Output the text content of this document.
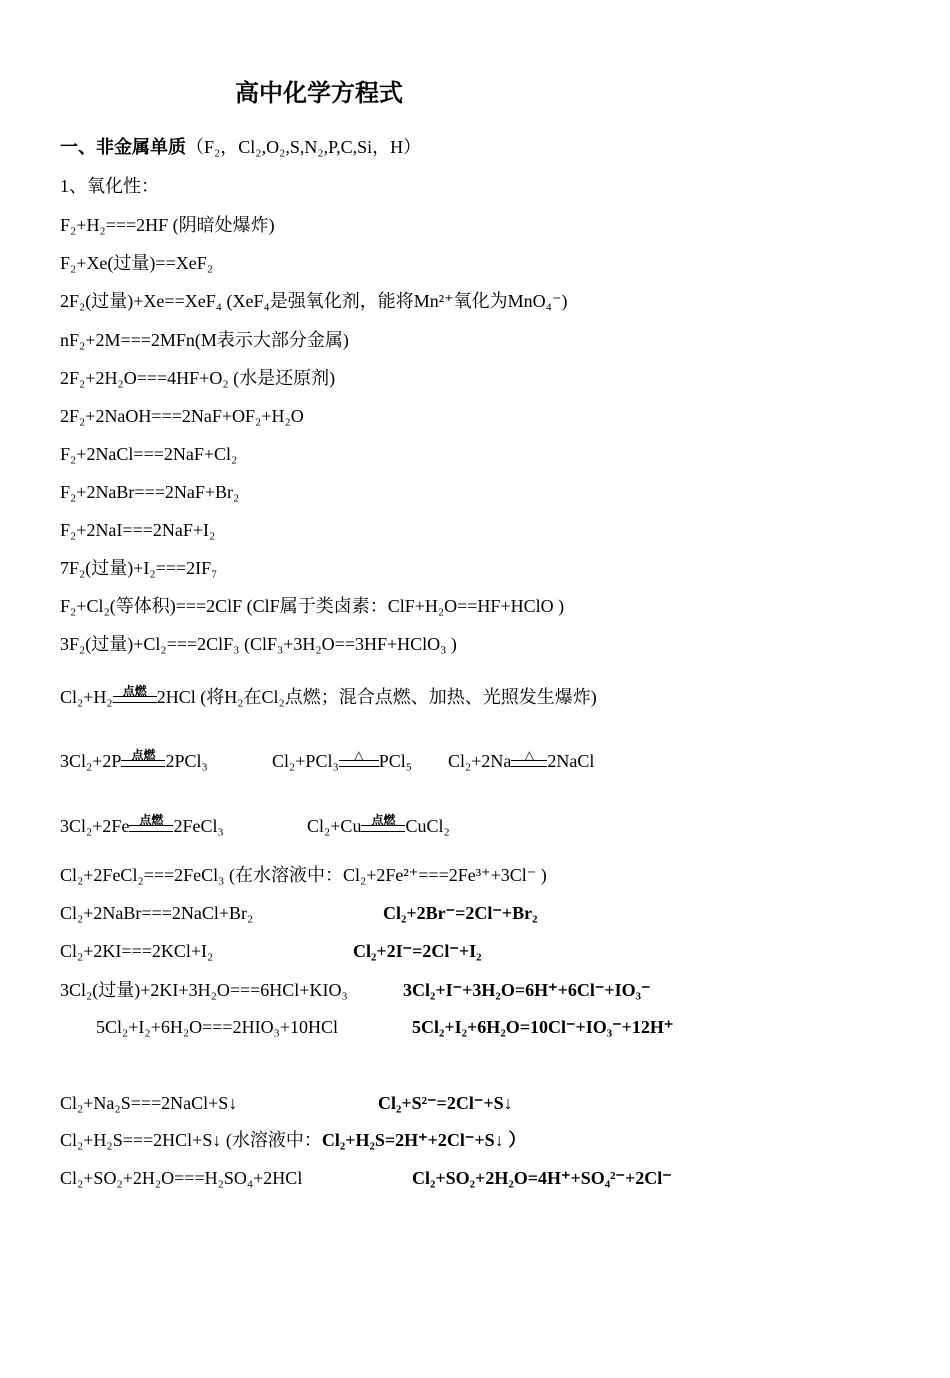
高中化学方程式
一、非金属单质（F₂，Cl₂,O₂,S,N₂,P,C,Si，H）
1、氧化性：
F₂+H₂===2HF (阴暗处爆炸)
F₂+Xe(过量)==XeF₂
2F₂(过量)+Xe==XeF₄ (XeF₄是强氧化剂，能将Mn²⁺氧化为MnO₄⁻)
nF₂+2M===2MFn(M表示大部分金属)
2F₂+2H₂O===4HF+O₂ (水是还原剂)
2F₂+2NaOH===2NaF+OF₂+H₂O
F₂+2NaCl===2NaF+Cl₂
F₂+2NaBr===2NaF+Br₂
F₂+2NaI===2NaF+I₂
7F₂(过量)+I₂===2IF₇
F₂+Cl₂(等体积)===2ClF (ClF属于类卤素：ClF+H₂O==HF+HClO )
3F₂(过量)+Cl₂===2ClF₃ (ClF₃+3H₂O==3HF+HClO₃ )
Cl₂+H₂ 点燃 2HCl (将H₂在Cl₂点燃；混合点燃、加热、光照发生爆炸)
3Cl₂+2P 点燃 2PCl₃	Cl₂+PCl₃	△ PCl₅ Cl₂+2Na	△ 2NaCl
3Cl₂+2Fe 点燃 2FeCl₃	Cl₂+Cu 点燃 CuCl₂
Cl₂+2FeCl₂===2FeCl₃ (在水溶液中：Cl₂+2Fe²⁺===2Fe³⁺+3Cl⁻ )
Cl₂+2NaBr===2NaCl+Br₂	Cl₂+2Br⁻=2Cl⁻+Br₂
Cl₂+2KI===2KCl+I₂	Cl₂+2I⁻=2Cl⁻+I₂
3Cl₂(过量)+2KI+3H₂O===6HCl+KIO₃	3Cl₂+I⁻+3H₂O=6H⁺+6Cl⁻+IO₃⁻
5Cl₂+I₂+6H₂O===2HIO₃+10HCl	5Cl₂+I₂+6H₂O=10Cl⁻+IO₃⁻+12H⁺
Cl₂+Na₂S===2NaCl+S↓	Cl₂+S²⁻=2Cl⁻+S↓
Cl₂+H₂S===2HCl+S↓ (水溶液中：Cl₂+H₂S=2H⁺+2Cl⁻+S↓ ）
Cl₂+SO₂+2H₂O===H₂SO₄+2HCl	Cl₂+SO₂+2H₂O=4H⁺+SO₄²⁻+2Cl⁻
